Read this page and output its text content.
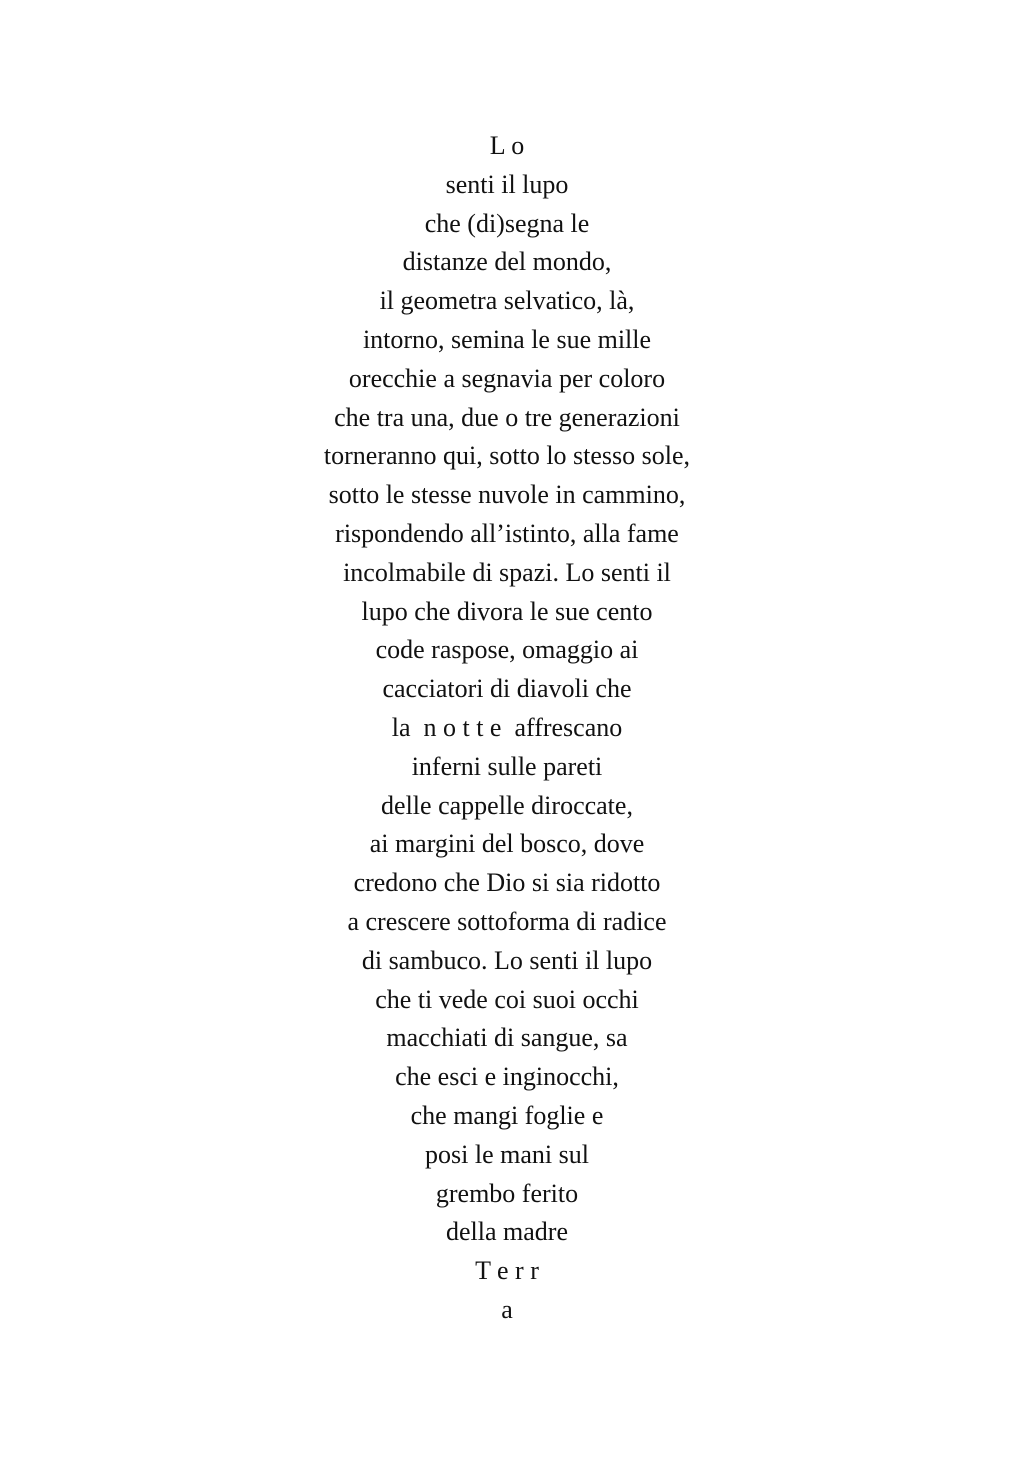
L o
senti il lupo
che (di)segna le
distanze del mondo,
il geometra selvatico, là,
intorno, semina le sue mille
orecchie a segnavia per coloro
che tra una, due o tre generazioni
torneranno qui, sotto lo stesso sole,
sotto le stesse nuvole in cammino,
rispondendo all’istinto, alla fame
incolmabile di spazi. Lo senti il
lupo che divora le sue cento
code raspose, omaggio ai
cacciatori di diavoli che
la  n o t t e  affrescano
inferni sulle pareti
delle cappelle diroccate,
ai margini del bosco, dove
credono che Dio si sia ridotto
a crescere sottoforma di radice
di sambuco. Lo senti il lupo
che ti vede coi suoi occhi
macchiati di sangue, sa
che esci e inginocchi,
che mangi foglie e
posi le mani sul
grembo ferito
della madre
T e r r
a
